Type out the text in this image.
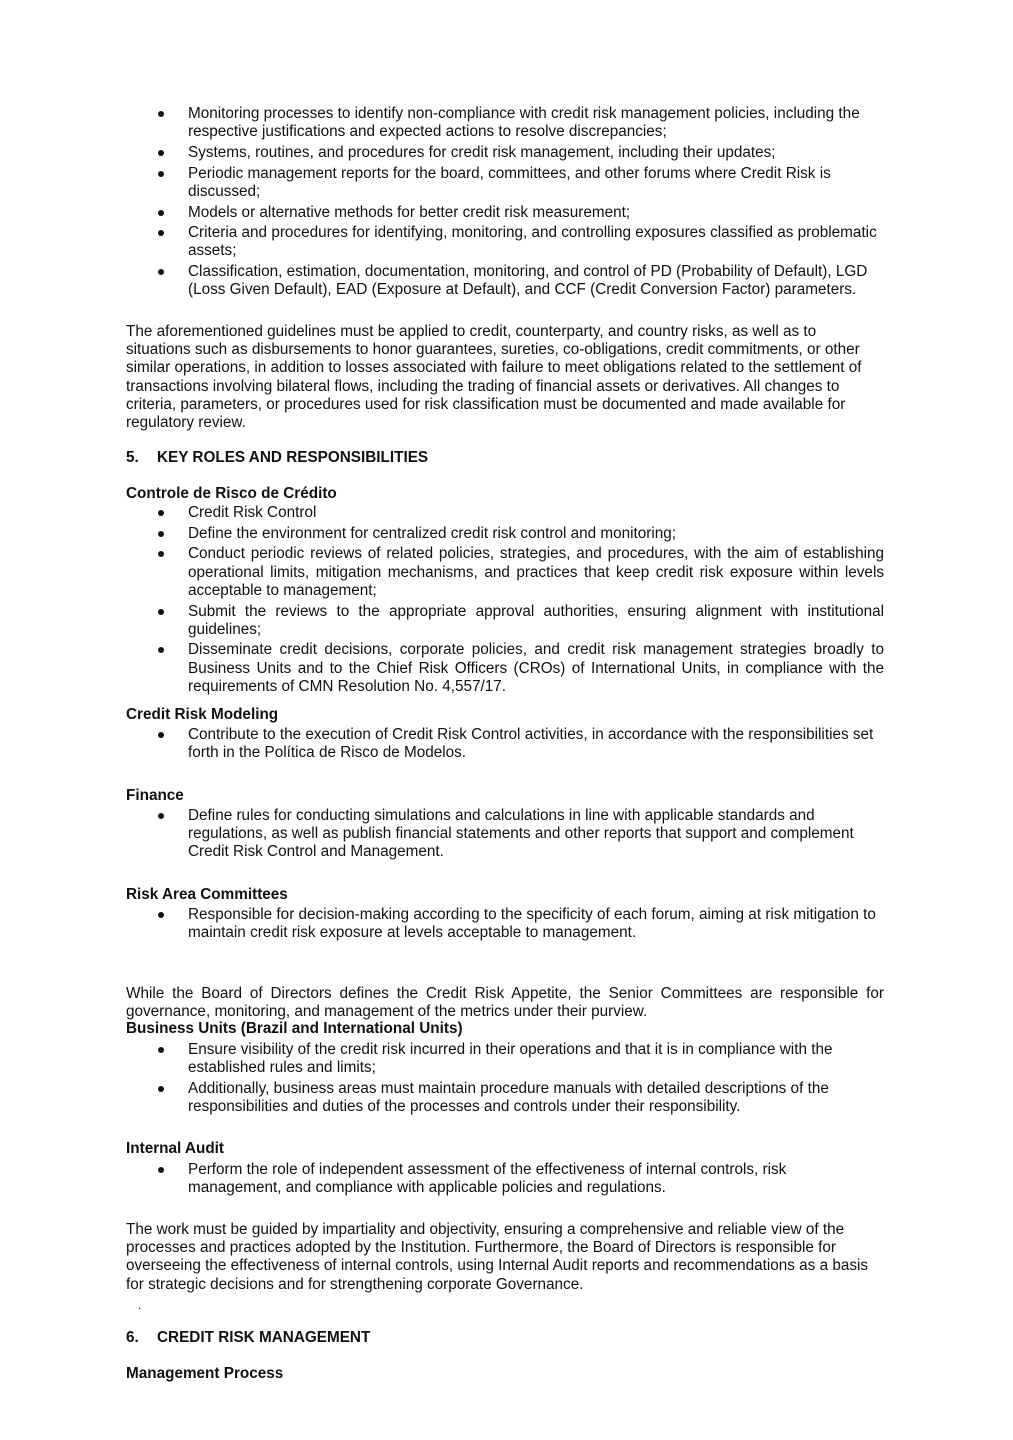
Monitoring processes to identify non-compliance with credit risk management policies, including the respective justifications and expected actions to resolve discrepancies;
Systems, routines, and procedures for credit risk management, including their updates;
Periodic management reports for the board, committees, and other forums where Credit Risk is discussed;
Models or alternative methods for better credit risk measurement;
Criteria and procedures for identifying, monitoring, and controlling exposures classified as problematic assets;
Classification, estimation, documentation, monitoring, and control of PD (Probability of Default), LGD (Loss Given Default), EAD (Exposure at Default), and CCF (Credit Conversion Factor) parameters.

The aforementioned guidelines must be applied to credit, counterparty, and country risks, as well as to situations such as disbursements to honor guarantees, sureties, co-obligations, credit commitments, or other similar operations, in addition to losses associated with failure to meet obligations related to the settlement of transactions involving bilateral flows, including the trading of financial assets or derivatives. All changes to criteria, parameters, or procedures used for risk classification must be documented and made available for regulatory review.

5. KEY ROLES AND RESPONSIBILITIES
Controle de Risco de Crédito
Credit Risk Control
Define the environment for centralized credit risk control and monitoring;
Conduct periodic reviews of related policies, strategies, and procedures, with the aim of establishing operational limits, mitigation mechanisms, and practices that keep credit risk exposure within levels acceptable to management;
Submit the reviews to the appropriate approval authorities, ensuring alignment with institutional guidelines;
Disseminate credit decisions, corporate policies, and credit risk management strategies broadly to Business Units and to the Chief Risk Officers (CROs) of International Units, in compliance with the requirements of CMN Resolution No. 4,557/17.
Credit Risk Modeling
Contribute to the execution of Credit Risk Control activities, in accordance with the responsibilities set forth in the Política de Risco de Modelos.
Finance
Define rules for conducting simulations and calculations in line with applicable standards and regulations, as well as publish financial statements and other reports that support and complement Credit Risk Control and Management.
Risk Area Committees
Responsible for decision-making according to the specificity of each forum, aiming at risk mitigation to maintain credit risk exposure at levels acceptable to management.

While the Board of Directors defines the Credit Risk Appetite, the Senior Committees are responsible for governance, monitoring, and management of the metrics under their purview.

Business Units (Brazil and International Units)
Ensure visibility of the credit risk incurred in their operations and that it is in compliance with the established rules and limits;
Additionally, business areas must maintain procedure manuals with detailed descriptions of the responsibilities and duties of the processes and controls under their responsibility.
Internal Audit
Perform the role of independent assessment of the effectiveness of internal controls, risk management, and compliance with applicable policies and regulations.

The work must be guided by impartiality and objectivity, ensuring a comprehensive and reliable view of the processes and practices adopted by the Institution. Furthermore, the Board of Directors is responsible for overseeing the effectiveness of internal controls, using Internal Audit reports and recommendations as a basis for strategic decisions and for strengthening corporate Governance.

.
6. CREDIT RISK MANAGEMENT
Management Process
